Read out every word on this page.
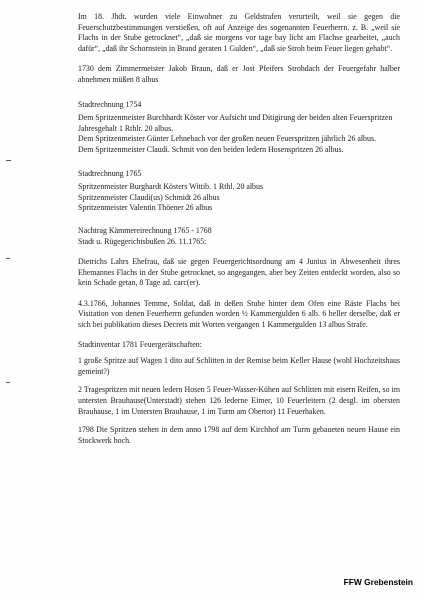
Im 18. Jhdt. wurden viele Einwohner zu Geldstrafen verurteilt, weil sie gegen die Feuerschutzbestimmungen verstießen, oft auf Anzeige des sogenannten Feuerherrn. z. B. „weil sie Flachs in der Stube getrocknet“, „daß sie morgens vor tage bay licht am Flachse gearbeitet, „auch dafür“, „daß ihr Schornstein in Brand geraten 1 Gulden“, „daß sie Stroh beim Feuer liegen gehabt“.

1730 dem Zimmermeister Jakob Braun, daß er Jost Pfeifers Strohdach der Feuergefahr halber abnehmen müßen 8 albus

Stadtrechnung 1754
Dem Spritzenmeister Burchhardt Köster vor Aufsicht und Ditigirung der beiden alten Feuerspritzen Jahresgehalt 1 Rthlr. 20 albus.
Dem Spritzenmeister Günter Lehnebach vor der großen neuen Feuerspritzen jährlich 26 albus.
Dem Spritzenmeister Claudi. Schmit von den beiden ledern Hosenspritzen 26 albus.
Stadtrechnung 1765
Spritzenmeister Burghardt Kösters Wittib. 1 Rthl. 20 albus
Spritzenmeister Claudi(us) Schmidt 26 albus
Spritzenmeister Valentin Thöener 26 albus
Nachtrag Kämmereirechnung 1765 - 1768
Stadt u. Rügegerichtsbußen 26. 11.1765:

Dietrichs Lahrs Ehefrau, daß sie gegen Feuergerichtsordnung am 4 Junius in Abwesenheit ihres Ehemannes Flachs in der Stube getrocknet, so angegangen, aber bey Zeiten entdeckt worden, also so kein Schade getan, 8 Tage ad. carc(er).

4.3.1766, Johannes Temme, Soldat, daß in deßen Stube hinter dem Ofen eine Räste Flachs bei Visitation von denen Feuerherrn gefunden worden ½ Kammergulden 6 alb. 6 heller derselbe, daß er sich bei publikation dieses Decrets mit Worten vergangen 1 Kammergulden 13 albus Strafe.

Stadtinventar 1781 Feuergerätschaften:

1 große Spritze auf Wagen 1 dito auf Schlitten in der Remise beim Keller Hause (wohl Hochzeitshaus gemeint?)

2 Tragespritzen mit neuen ledern Hosen 5 Feuer-Wasser-Kühen auf Schlitten mit eisern Reifen, so im untersten Brauhause(Unterstadt) stehen 126 lederne Eimer, 10 Feuerleitern (2 desgl. im obersten Brauhause, 1 im Untersten Brauhause, 1 im Turm am Obertor) 11 Feuerhaken.

1798 Die Spritzen stehen in dem anno 1798 auf dem Kirchhof am Turm gebaueten neuen Hause ein Stockwerk hoch.

FFW Grebenstein
